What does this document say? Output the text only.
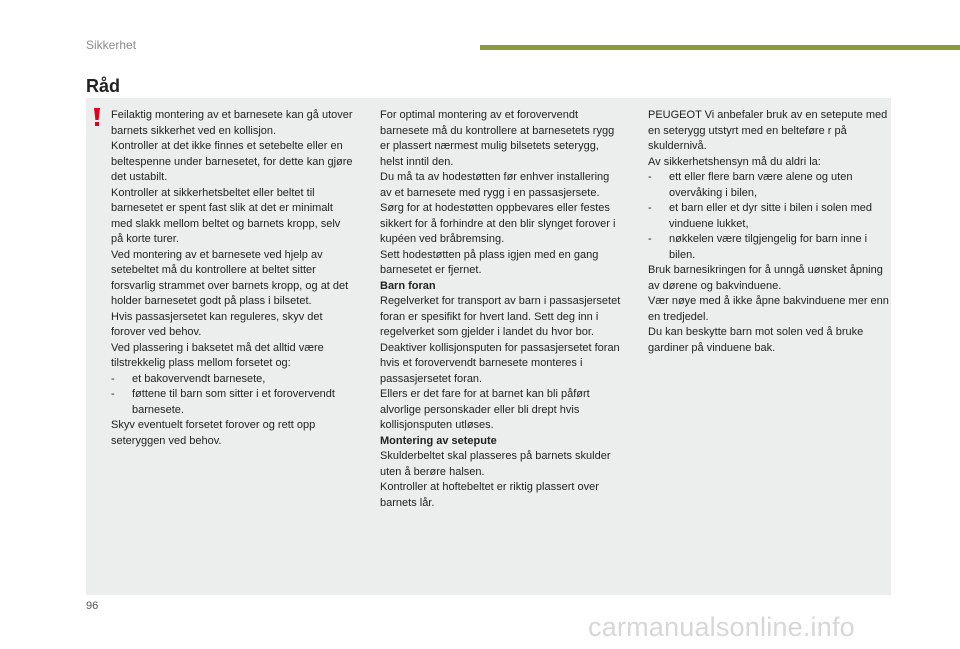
Sikkerhet
Råd

Feilaktig montering av et barnesete kan gå utover barnets sikkerhet ved en kollisjon.

Kontroller at det ikke finnes et setebelte eller en beltespenne under barnesetet, for dette kan gjøre det ustabilt.

Kontroller at sikkerhetsbeltet eller beltet til barnesetet er spent fast slik at det er minimalt med slakk mellom beltet og barnets kropp, selv på korte turer.

Ved montering av et barnesete ved hjelp av setebeltet må du kontrollere at beltet sitter forsvarlig strammet over barnets kropp, og at det holder barnesetet godt på plass i bilsetet.

Hvis passasjersetet kan reguleres, skyv det forover ved behov.

Ved plassering i baksetet må det alltid være tilstrekkelig plass mellom forsetet og:

- et bakovervendt barnesete,
- føttene til barn som sitter i et forovervendt barnesete.

Skyv eventuelt forsetet forover og rett opp seteryggen ved behov.

For optimal montering av et forovervendt barnesete må du kontrollere at barnesetets rygg er plassert nærmest mulig bilsetets seterygg, helst inntil den.

Du må ta av hodestøtten før enhver installering av et barnesete med rygg i en passasjersete.

Sørg for at hodestøtten oppbevares eller festes sikkert for å forhindre at den blir slynget forover i kupéen ved bråbremsing.

Sett hodestøtten på plass igjen med en gang barnesetet er fjernet.

Barn foran

Regelverket for transport av barn i passasjersetet foran er spesifikt for hvert land. Sett deg inn i regelverket som gjelder i landet du hvor bor.

Deaktiver kollisjonsputen for passasjersetet foran hvis et forovervendt barnesete monteres i passasjersetet foran.

Ellers er det fare for at barnet kan bli påført alvorlige personskader eller bli drept hvis kollisjonsputen utløses.

Montering av setepute

Skulderbeltet skal plasseres på barnets skulder uten å berøre halsen.

Kontroller at hoftebeltet er riktig plassert over barnets lår.

PEUGEOT Vi anbefaler bruk av en setepute med en seterygg utstyrt med en belteføre r på skuldernivå.

Av sikkerhetshensyn må du aldri la:

- ett eller flere barn være alene og uten overvåking i bilen,
- et barn eller et dyr sitte i bilen i solen med vinduene lukket,
- nøkkelen være tilgjengelig for barn inne i bilen.

Bruk barnesikringen for å unngå uønsket åpning av dørene og bakvinduene.

Vær nøye med å ikke åpne bakvinduene mer enn en tredjedel.

Du kan beskytte barn mot solen ved å bruke gardiner på vinduene bak.

96
carmanualsonline.info
